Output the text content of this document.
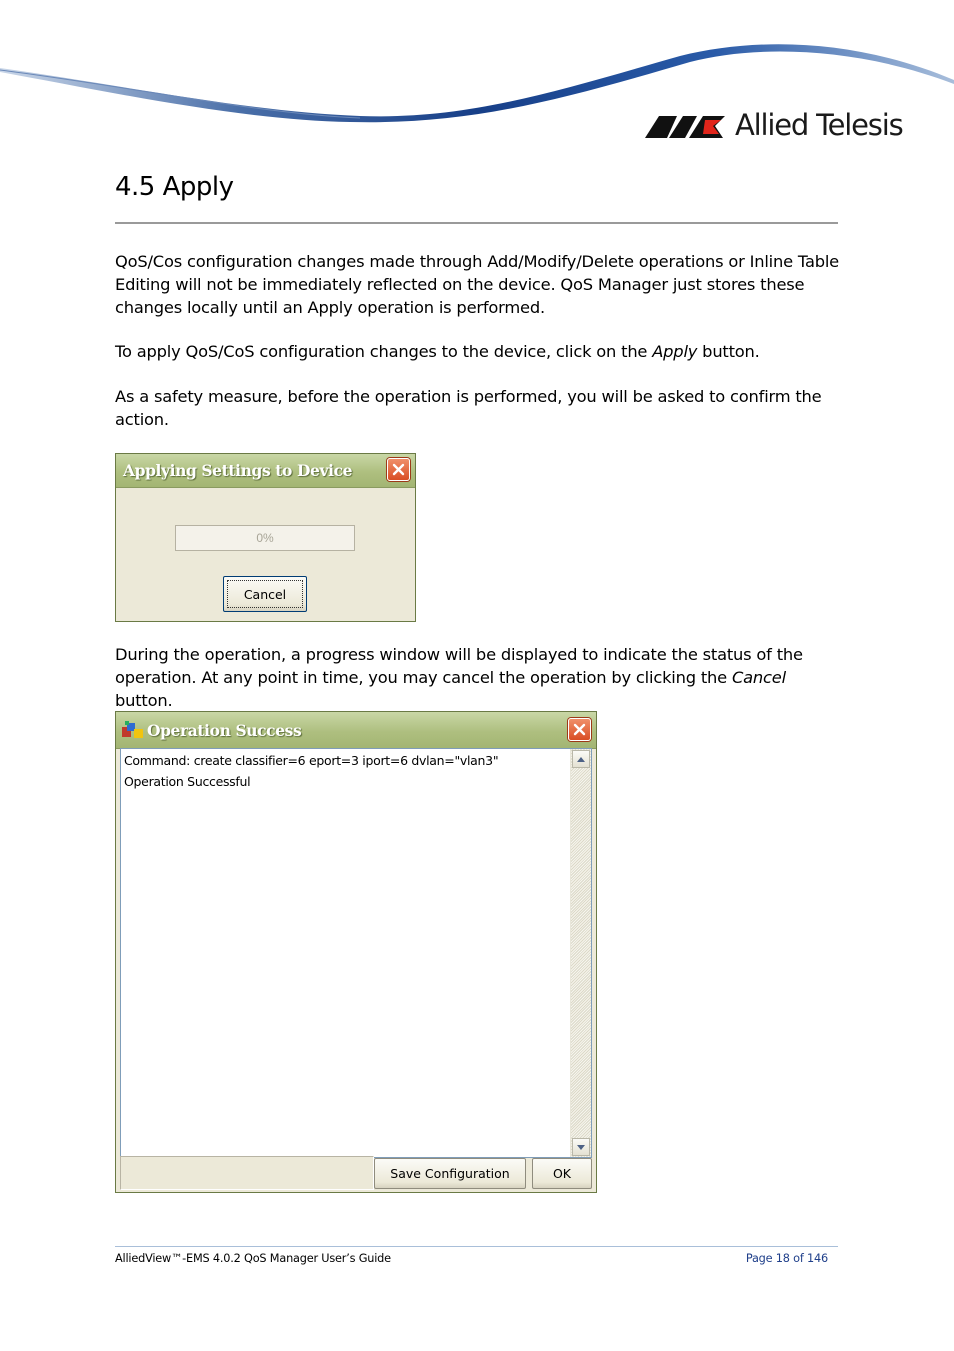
Allied Telesis
4.5 Apply

QoS/Cos configuration changes made through Add/Modify/Delete operations or Inline Table Editing will not be immediately reflected on the device. QoS Manager just stores these changes locally until an Apply operation is performed.

To apply QoS/CoS configuration changes to the device, click on the Apply button.

As a safety measure, before the operation is performed, you will be asked to confirm the action.

Applying Settings to Device
0%
Cancel

During the operation, a progress window will be displayed to indicate the status of the operation. At any point in time, you may cancel the operation by clicking the Cancel button.

Operation Success
Command: create classifier=6 eport=3 iport=6 dvlan="vlan3"
Operation Successful
Save Configuration	OK
AlliedView™-EMS 4.0.2 QoS Manager User’s Guide	Page 18 of 146
